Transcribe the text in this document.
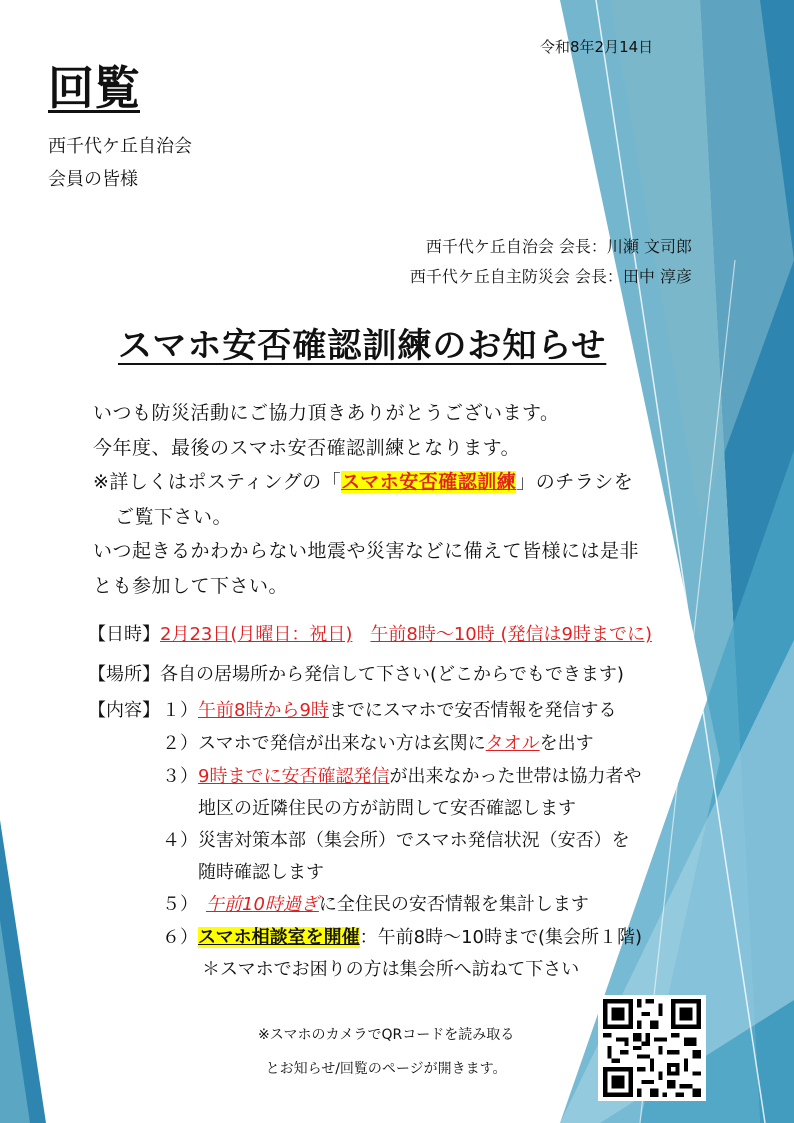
令和8年2月14日
回覧
西千代ケ丘自治会
会員の皆様
西千代ケ丘自治会 会長：川瀬 文司郎
西千代ケ丘自主防災会 会長：田中 淳彦
スマホ安否確認訓練のお知らせ
いつも防災活動にご協力頂きありがとうございます。
今年度、最後のスマホ安否確認訓練となります。
※詳しくはポスティングの「スマホ安否確認訓練」のチラシを
ご覧下さい。
いつ起きるかわからない地震や災害などに備えて皆様には是非
とも参加して下さい。
【日時】2月23日(月曜日：祝日) 午前8時～10時 (発信は9時までに)
【場所】各自の居場所から発信して下さい(どこからでもできます)
【内容】 １）午前8時から9時までにスマホで安否情報を発信する
２）スマホで発信が出来ない方は玄関にタオルを出す
３）9時までに安否確認発信が出来なかった世帯は協力者や
地区の近隣住民の方が訪問して安否確認します
４）災害対策本部（集会所）でスマホ発信状況（安否）を
随時確認します
５） 午前10時過ぎに全住民の安否情報を集計します
６）スマホ相談室を開催：午前8時～10時まで(集会所１階)
＊スマホでお困りの方は集会所へ訪ねて下さい
※スマホのカメラでQRコードを読み取る
とお知らせ/回覧のページが開きます。
